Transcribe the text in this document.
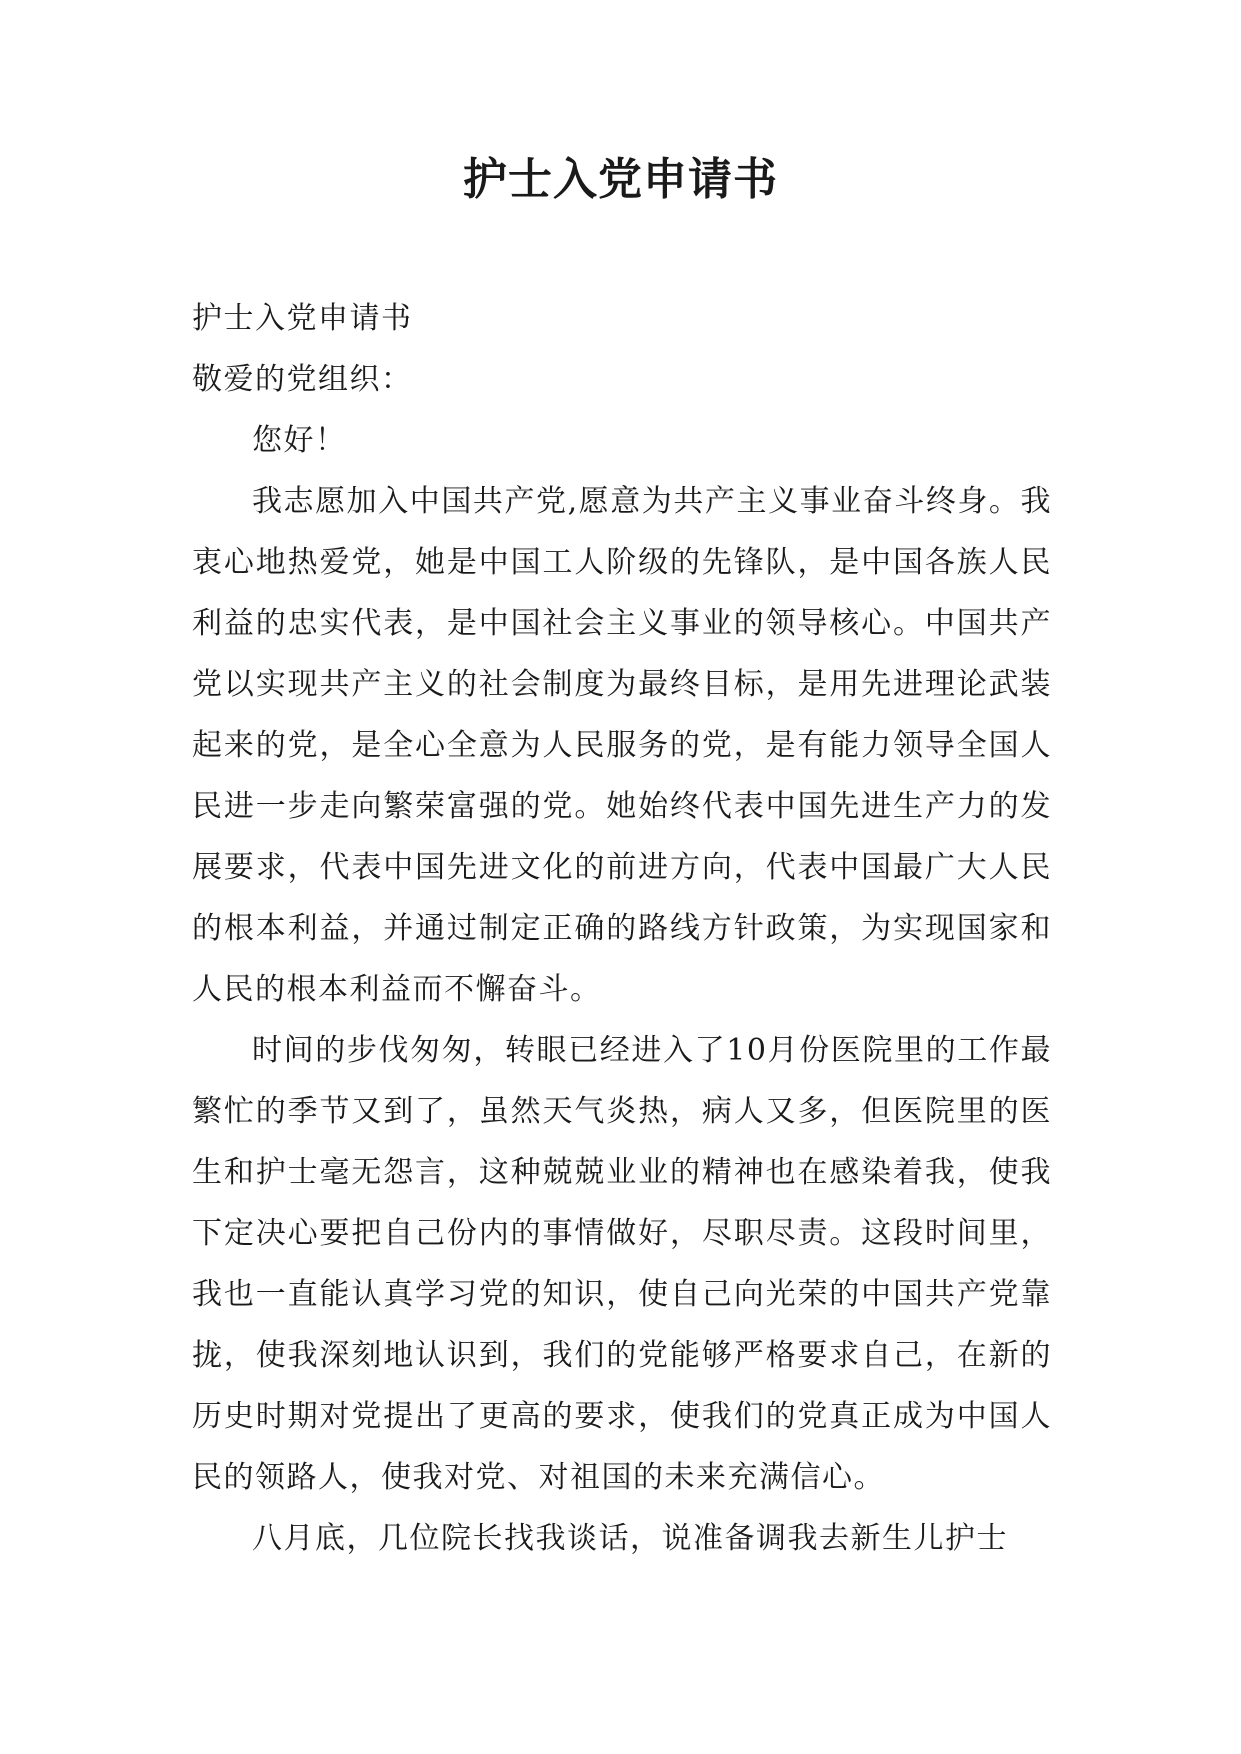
护士入党申请书

护士入党申请书

敬爱的党组织：

您好！

我志愿加入中国共产党,愿意为共产主义事业奋斗终身。我衷心地热爱党，她是中国工人阶级的先锋队，是中国各族人民利益的忠实代表，是中国社会主义事业的领导核心。中国共产党以实现共产主义的社会制度为最终目标，是用先进理论武装起来的党，是全心全意为人民服务的党，是有能力领导全国人民进一步走向繁荣富强的党。她始终代表中国先进生产力的发展要求，代表中国先进文化的前进方向，代表中国最广大人民的根本利益，并通过制定正确的路线方针政策，为实现国家和人民的根本利益而不懈奋斗。

时间的步伐匆匆，转眼已经进入了10月份医院里的工作最繁忙的季节又到了，虽然天气炎热，病人又多，但医院里的医生和护士毫无怨言，这种兢兢业业的精神也在感染着我，使我下定决心要把自己份内的事情做好，尽职尽责。这段时间里，我也一直能认真学习党的知识，使自己向光荣的中国共产党靠拢，使我深刻地认识到，我们的党能够严格要求自己，在新的历史时期对党提出了更高的要求，使我们的党真正成为中国人民的领路人，使我对党、对祖国的未来充满信心。

八月底，几位院长找我谈话，说准备调我去新生儿护士
